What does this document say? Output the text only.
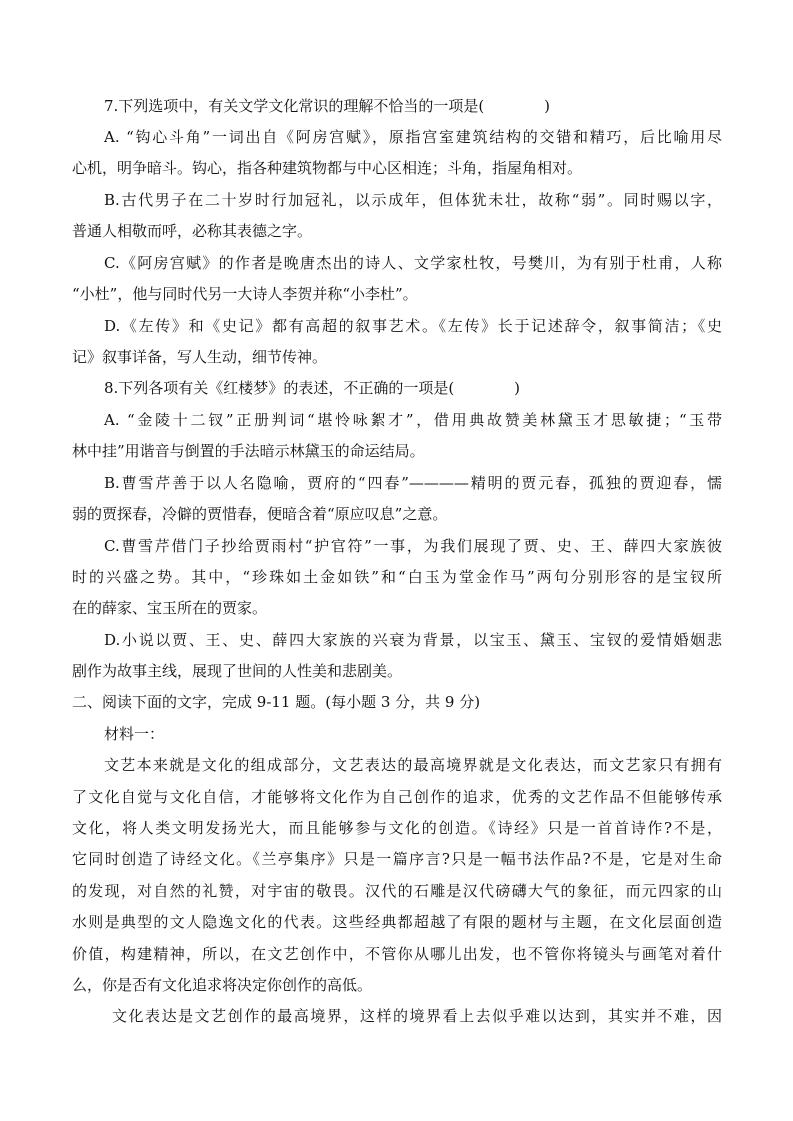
7.下列选项中，有关文学文化常识的理解不恰当的一项是(　　　　)
A. “钩心斗角”一词出自《阿房宫赋》，原指宫室建筑结构的交错和精巧，后比喻用尽
心机，明争暗斗。钩心，指各种建筑物都与中心区相连；斗角，指屋角相对。
B.古代男子在二十岁时行加冠礼，以示成年，但体犹未壮，故称“弱”。同时赐以字，
普通人相敬而呼，必称其表德之字。
C.《阿房宫赋》的作者是晚唐杰出的诗人、文学家杜牧，号樊川，为有别于杜甫，人称
“小杜”，他与同时代另一大诗人李贺并称“小李杜”。
D.《左传》和《史记》都有高超的叙事艺术。《左传》长于记述辞令，叙事简洁；《史
记》叙事详备，写人生动，细节传神。
8.下列各项有关《红楼梦》的表述，不正确的一项是(　　　　)
A. “金陵十二钗”正册判词“堪怜咏絮才”，借用典故赞美林黛玉才思敏捷；“玉带
林中挂”用谐音与倒置的手法暗示林黛玉的命运结局。
B.曹雪芹善于以人名隐喻，贾府的“四春”————精明的贾元春，孤独的贾迎春，懦
弱的贾探春，冷僻的贾惜春，便暗含着“原应叹息”之意。
C.曹雪芹借门子抄给贾雨村“护官符”一事，为我们展现了贾、史、王、薛四大家族彼
时的兴盛之势。其中，“珍珠如土金如铁”和“白玉为堂金作马”两句分别形容的是宝钗所
在的薛家、宝玉所在的贾家。
D.小说以贾、王、史、薛四大家族的兴衰为背景，以宝玉、黛玉、宝钗的爱情婚姻悲
剧作为故事主线，展现了世间的人性美和悲剧美。
二、阅读下面的文字，完成 9-11 题。(每小题 3 分，共 9 分)
材料一：
文艺本来就是文化的组成部分，文艺表达的最高境界就是文化表达，而文艺家只有拥有
了文化自觉与文化自信，才能够将文化作为自己创作的追求，优秀的文艺作品不但能够传承
文化，将人类文明发扬光大，而且能够参与文化的创造。《诗经》只是一首首诗作?不是，
它同时创造了诗经文化。《兰亭集序》只是一篇序言?只是一幅书法作品?不是，它是对生命
的发现，对自然的礼赞，对宇宙的敬畏。汉代的石雕是汉代磅礴大气的象征，而元四家的山
水则是典型的文人隐逸文化的代表。这些经典都超越了有限的题材与主题，在文化层面创造
价值，构建精神，所以，在文艺创作中，不管你从哪儿出发，也不管你将镜头与画笔对着什
么，你是否有文化追求将决定你创作的高低。
文化表达是文艺创作的最高境界，这样的境界看上去似乎难以达到，其实并不难，因
